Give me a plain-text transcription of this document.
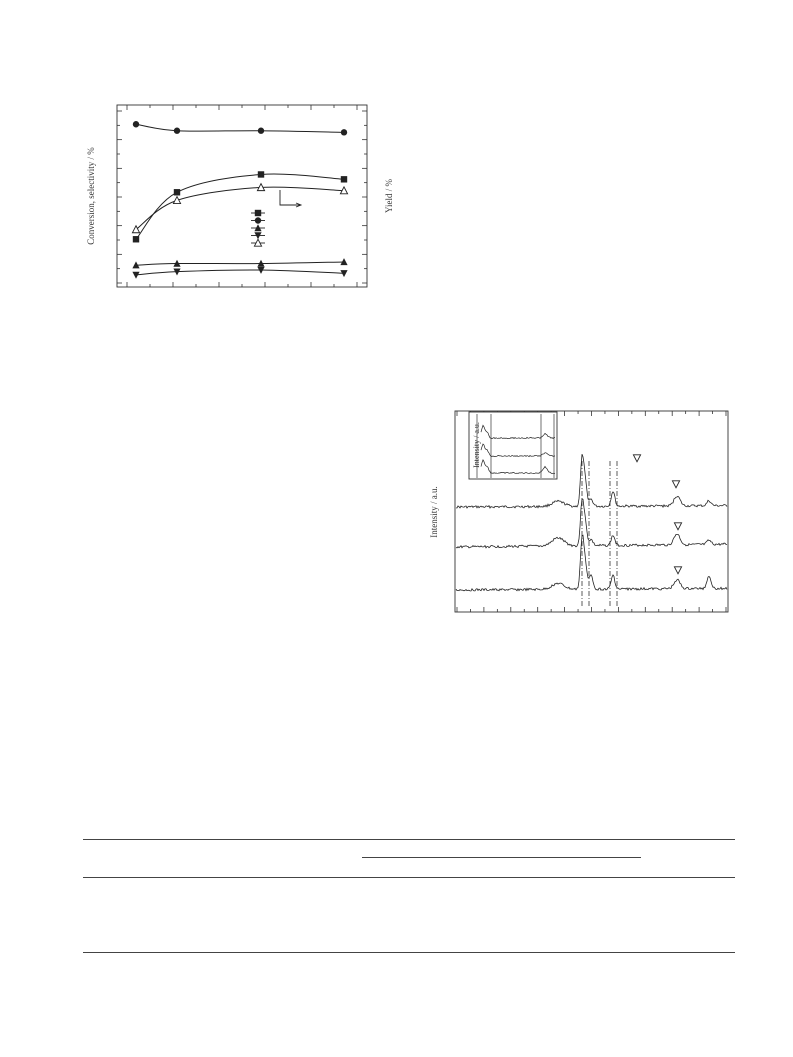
Conversion, selectivity / %	Yield / %
Intensity / a.u.
Intensity / a.u.
